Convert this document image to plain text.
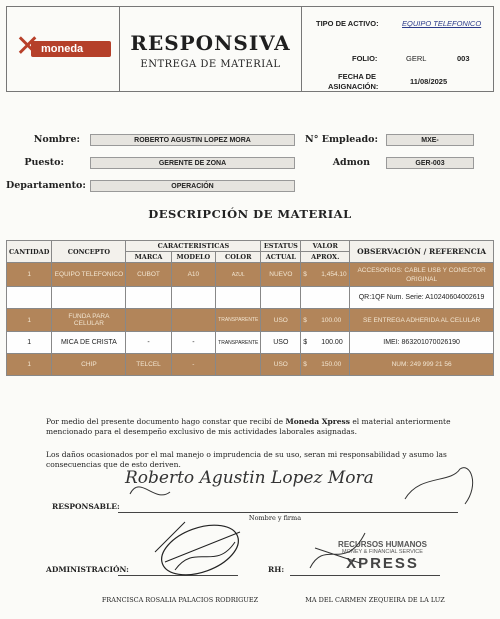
✕ moneda	RESPONSIVA
ENTREGA DE MATERIAL
TIPO DE ACTIVO:	EQUIPO TELEFONICO
FOLIO:	GERL	003
FECHA DE
ASIGNACIÓN:
11/08/2025
Nombre:	ROBERTO AGUSTIN LOPEZ MORA	N° Empleado:	MXE-
Puesto:	GERENTE DE ZONA	Admon	GER-003
Departamento:	OPERACIÓN
DESCRIPCIÓN DE MATERIAL
CANTIDAD	CONCEPTO	CARACTERISTICAS			ESTATUS	VALOR	OBSERVACIÓN / REFERENCIA
		MARCA	MODELO	COLOR	ACTUAL	APROX.	
1	EQUIPO TELEFONICO	CUBOT	A10	AZUL	NUEVO	$ 1,454.10	ACCESORIOS: CABLE USB Y CONECTOR ORIGINAL
							QR:1QF Num. Serie: A10240604002619
1	FUNDA PARA CELULAR			TRANSPARENTE	USO	$ 100.00	SE ENTREGA ADHERIDA AL CELULAR
1	MICA DE CRISTA	-	-	TRANSPARENTE	USO	$ 100.00	IMEI: 863201070026190
1	CHIP	TELCEL	-		USO	$ 150.00	NUM: 249 999 21 56
Por medio del presente documento hago constar que recibí de Moneda Xpress el material anteriormente mencionado para el desempeño exclusivo de mis actividades laborales asignadas.
Los daños ocasionados por el mal manejo o imprudencia de su uso, seran mi responsabilidad y asumo las consecuencias que de esto deriven.
RESPONSABLE:
Roberto Agustin Lopez Mora
Nombre y firma
ADMINISTRACIÓN:	RH:
RECURSOS HUMANOS
MONEY & FINANCIAL SERVICE
XPRESS
FRANCISCA ROSALIA PALACIOS RODRIGUEZ	MA DEL CARMEN ZEQUEIRA DE LA LUZ
